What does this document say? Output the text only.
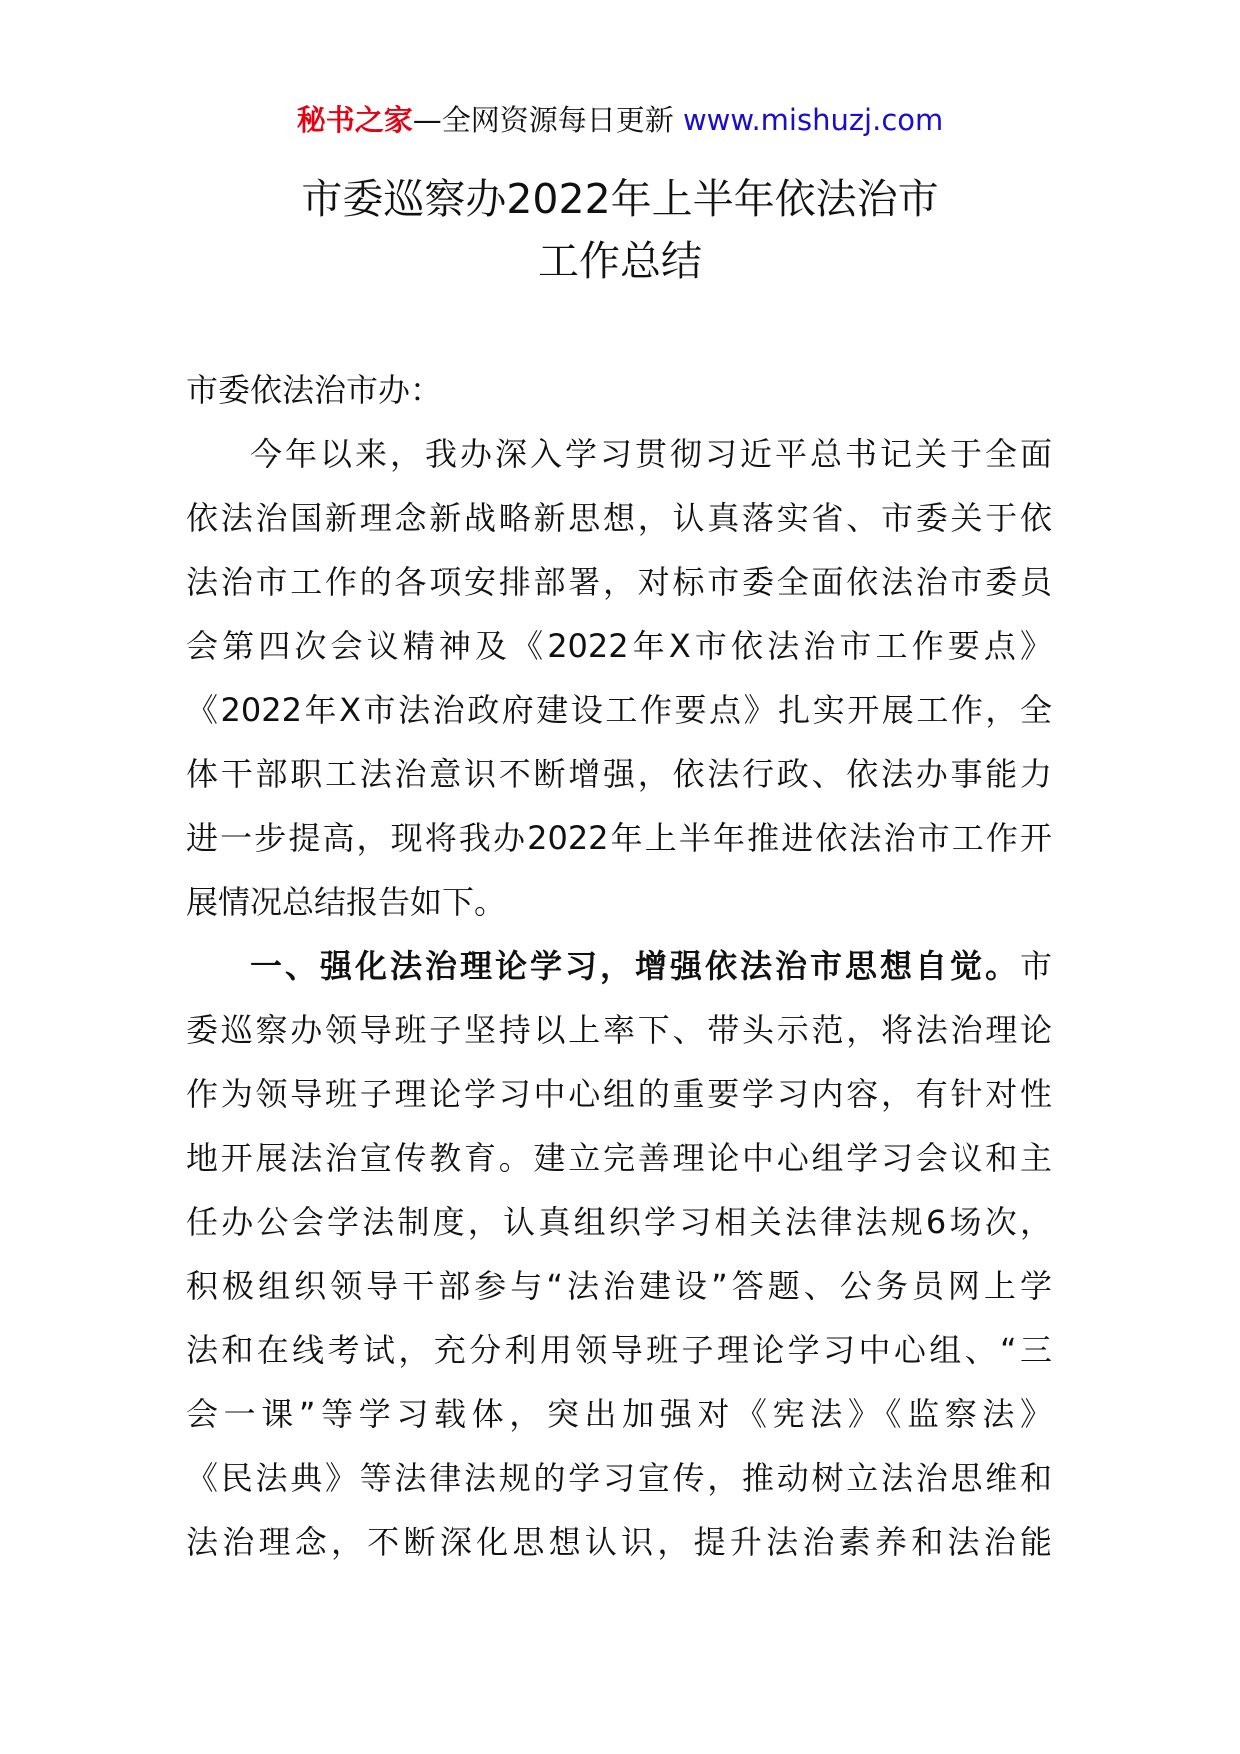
秘书之家—全网资源每日更新 www.mishuzj.com
市委巡察办2022年上半年依法治市
工作总结
市委依法治市办：
今年以来，我办深入学习贯彻习近平总书记关于全面
依法治国新理念新战略新思想，认真落实省、市委关于依
法治市工作的各项安排部署，对标市委全面依法治市委员
会第四次会议精神及《2022年X市依法治市工作要点》
《2022年X市法治政府建设工作要点》扎实开展工作，全
体干部职工法治意识不断增强，依法行政、依法办事能力
进一步提高，现将我办2022年上半年推进依法治市工作开
展情况总结报告如下。
一、强化法治理论学习，增强依法治市思想自觉。市
委巡察办领导班子坚持以上率下、带头示范，将法治理论
作为领导班子理论学习中心组的重要学习内容，有针对性
地开展法治宣传教育。建立完善理论中心组学习会议和主
任办公会学法制度，认真组织学习相关法律法规6场次，
积极组织领导干部参与“法治建设”答题、公务员网上学
法和在线考试，充分利用领导班子理论学习中心组、“三
会一课”等学习载体，突出加强对《宪法》《监察法》
《民法典》等法律法规的学习宣传，推动树立法治思维和
法治理念，不断深化思想认识，提升法治素养和法治能
